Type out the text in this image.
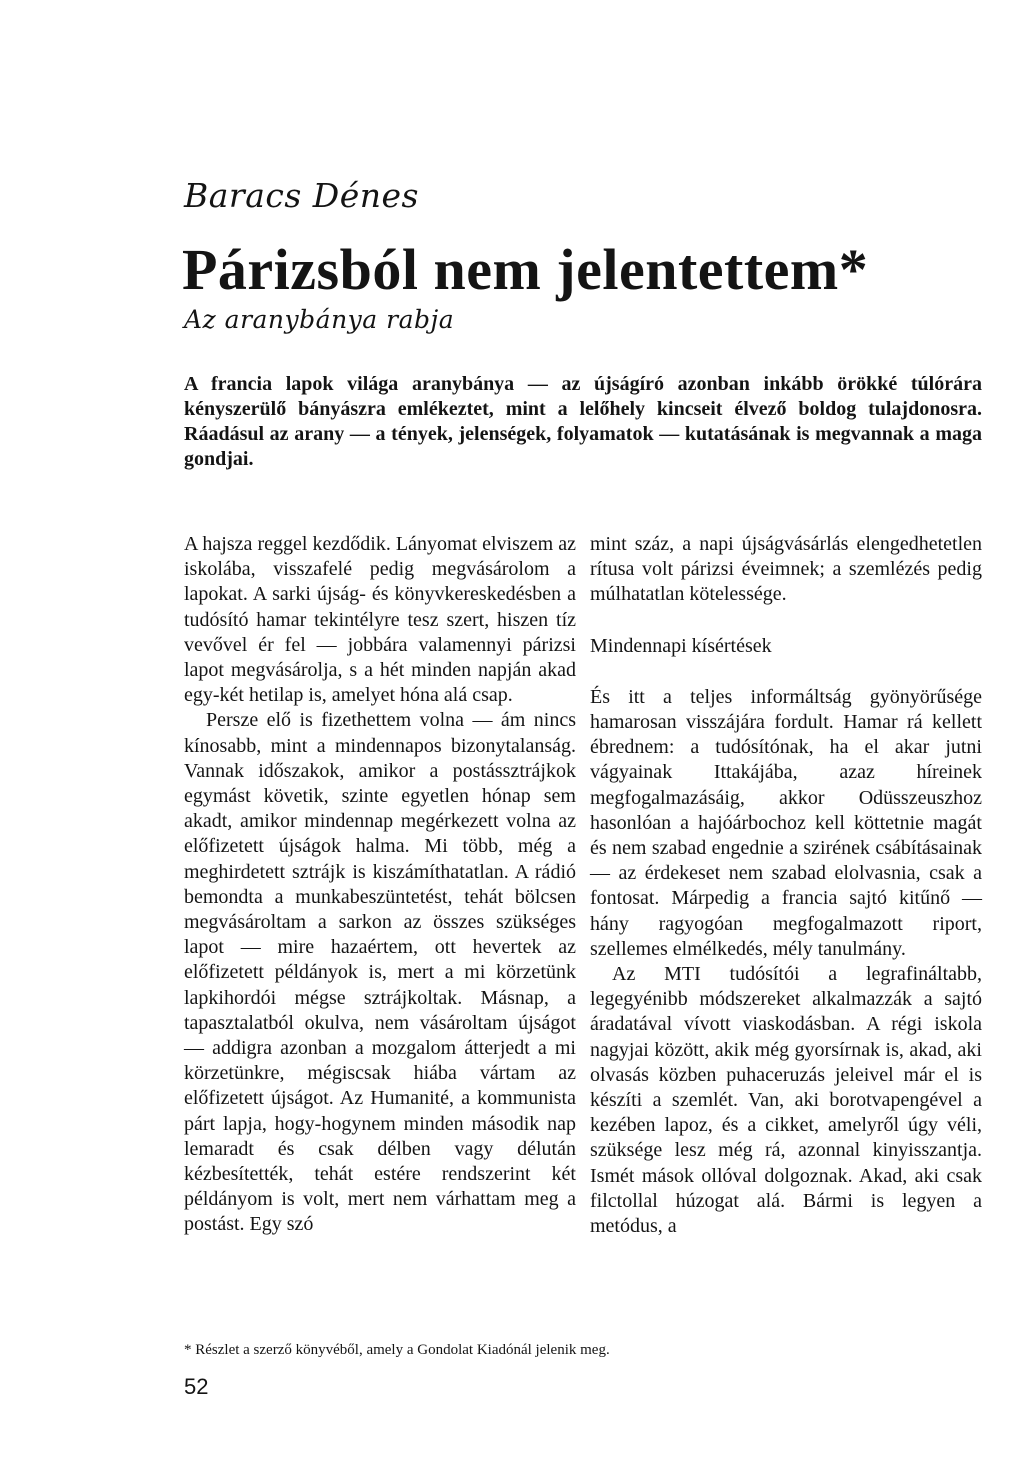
Baracs Dénes
Párizsból nem jelentettem*
Az aranybánya rabja

A francia lapok világa aranybánya — az újságíró azonban inkább örökké túlórára kényszerülő bányászra emlékeztet, mint a lelőhely kincseit élvező boldog tulajdonosra. Ráadásul az arany — a tények, jelenségek, folyamatok — kutatásának is megvannak a maga gondjai.

A hajsza reggel kezdődik. Lányomat elviszem az iskolába, visszafelé pedig megvásárolom a lapokat. A sarki újság- és könyvkereskedésben a tudósító hamar tekintélyre tesz szert, hiszen tíz vevővel ér fel — jobbára valamennyi párizsi lapot megvásárolja, s a hét minden napján akad egy-két hetilap is, amelyet hóna alá csap.

Persze elő is fizethettem volna — ám nincs kínosabb, mint a mindennapos bizonytalanság. Vannak időszakok, amikor a postássztrájkok egymást követik, szinte egyetlen hónap sem akadt, amikor mindennap megérkezett volna az előfizetett újságok halma. Mi több, még a meghirdetett sztrájk is kiszámíthatatlan. A rádió bemondta a munkabeszüntetést, tehát bölcsen megvásároltam a sarkon az összes szükséges lapot — mire hazaértem, ott hevertek az előfizetett példányok is, mert a mi körzetünk lapkihordói mégse sztrájkoltak. Másnap, a tapasztalatból okulva, nem vásároltam újságot — addigra azonban a mozgalom átterjedt a mi körzetünkre, mégiscsak hiába vártam az előfizetett újságot. Az Humanité, a kommunista párt lapja, hogy-hogynem minden második nap lemaradt és csak délben vagy délután kézbesítették, tehát estére rendszerint két példányom is volt, mert nem várhattam meg a postást. Egy szó

mint száz, a napi újságvásárlás elengedhetetlen rítusa volt párizsi éveimnek; a szemlézés pedig múlhatatlan kötelessége.

Mindennapi kísértések

És itt a teljes informáltság gyönyörűsége hamarosan visszájára fordult. Hamar rá kellett ébrednem: a tudósítónak, ha el akar jutni vágyainak Ittakájába, azaz híreinek megfogalmazásáig, akkor Odüsszeuszhoz hasonlóan a hajóárbochoz kell köttetnie magát és nem szabad engednie a szirének csábításainak — az érdekeset nem szabad elolvasnia, csak a fontosat. Márpedig a francia sajtó kitűnő — hány ragyogóan megfogalmazott riport, szellemes elmélkedés, mély tanulmány.

Az MTI tudósítói a legrafináltabb, legegyénibb módszereket alkalmazzák a sajtó áradatával vívott viaskodásban. A régi iskola nagyjai között, akik még gyorsírnak is, akad, aki olvasás közben puhaceruzás jeleivel már el is készíti a szemlét. Van, aki borotvapengével a kezében lapoz, és a cikket, amelyről úgy véli, szüksége lesz még rá, azonnal kinyisszantja. Ismét mások ollóval dolgoznak. Akad, aki csak filctollal húzogat alá. Bármi is legyen a metódus, a

* Részlet a szerző könyvéből, amely a Gondolat Kiadónál jelenik meg.

52
